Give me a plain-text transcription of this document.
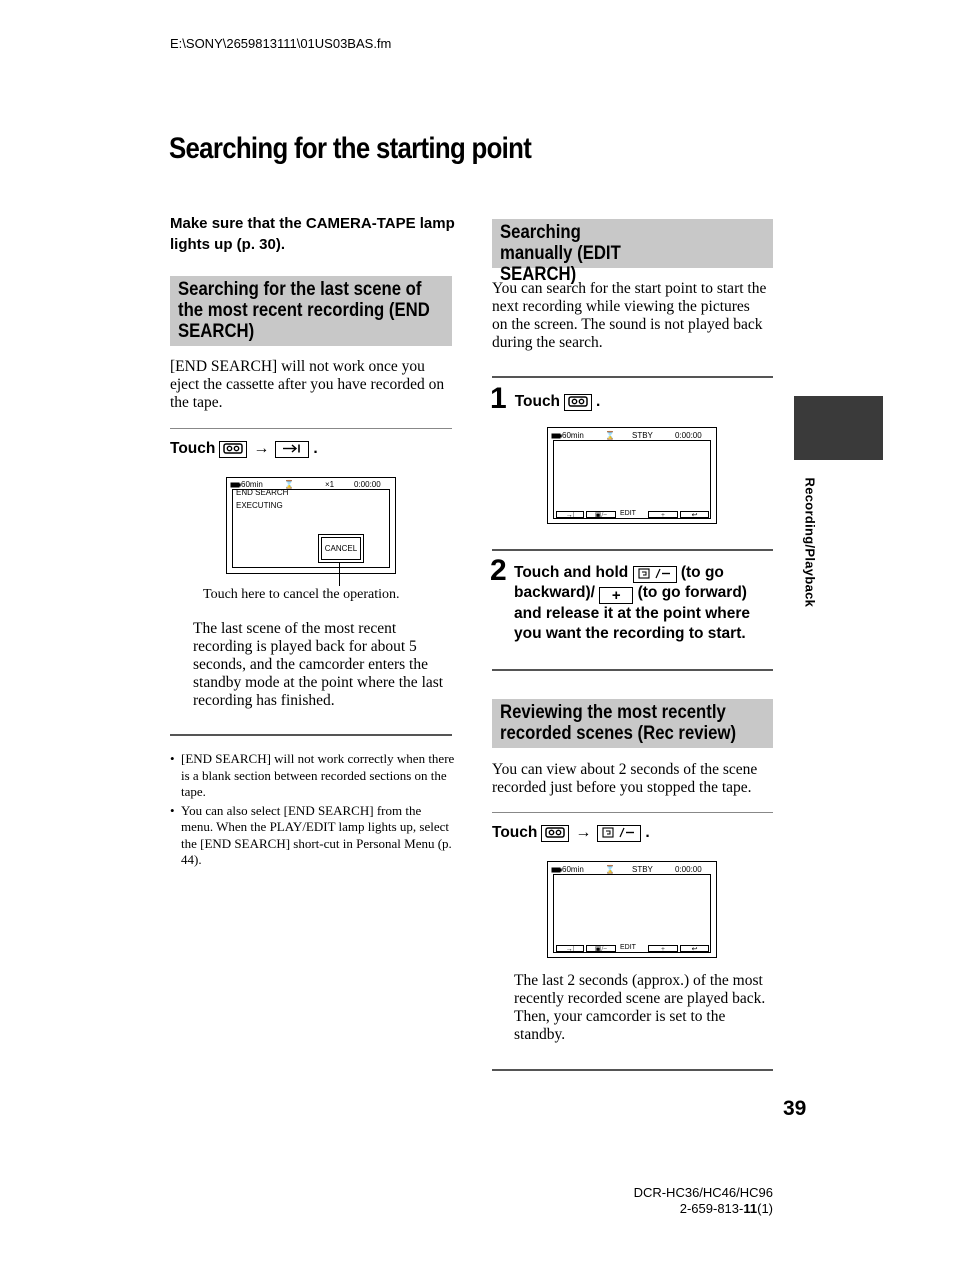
E:\SONY\2659813111\01US03BAS.fm
Searching for the starting point
Make sure that the CAMERA-TAPE lamp lights up (p. 30).
Searching for the last scene of the most recent recording (END SEARCH)
[END SEARCH] will not work once you eject the cassette after you have recorded on the tape.
Touch →	.
60min	⌛	×1 0:00:00
END SEARCH
EXECUTING
CANCEL
Touch here to cancel the operation.
The last scene of the most recent recording is played back for about 5 seconds, and the camcorder enters the standby mode at the point where the last recording has finished.
• [END SEARCH] will not work correctly when there is a blank section between recorded sections on the tape.
• You can also select [END SEARCH] from the menu. When the PLAY/EDIT lamp lights up, select the [END SEARCH] short-cut in Personal Menu (p. 44).
Searching manually (EDIT SEARCH)
You can search for the start point to start the next recording while viewing the pictures on the screen. The sound is not played back during the search.
1 Touch .
60min	⌛ STBY	0:00:00
→|	▣/−	EDIT	+	↩
2 Touch and hold	(to go backward)/ + (to go forward) and release it at the point where you want the recording to start.
Reviewing the most recently recorded scenes (Rec review)
You can view about 2 seconds of the scene recorded just before you stopped the tape.
Touch →	.
60min	⌛ STBY	0:00:00
→|	▣/−	EDIT	+	↩
The last 2 seconds (approx.) of the most recently recorded scene are played back. Then, your camcorder is set to the standby.
Recording/Playback
39
DCR-HC36/HC46/HC96
2-659-813-11(1)
